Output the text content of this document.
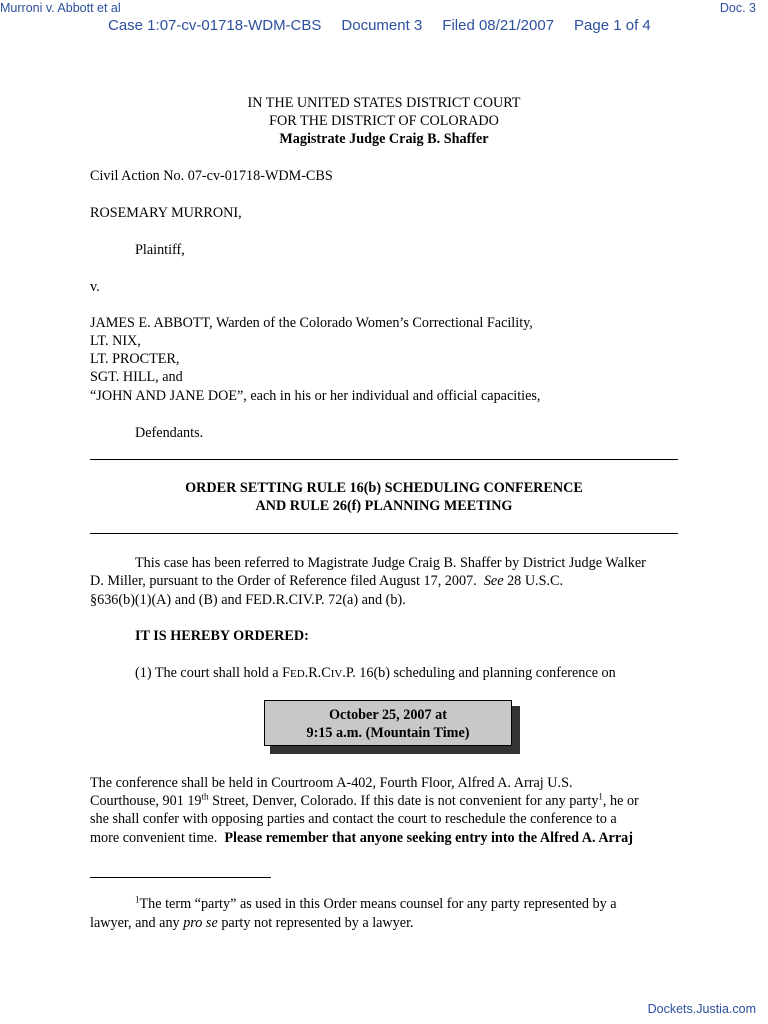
Murroni v. Abbott et al	Doc. 3
Case 1:07-cv-01718-WDM-CBS Document 3 Filed 08/21/2007 Page 1 of 4
IN THE UNITED STATES DISTRICT COURT
FOR THE DISTRICT OF COLORADO
Magistrate Judge Craig B. Shaffer
Civil Action No. 07-cv-01718-WDM-CBS
ROSEMARY MURRONI,
Plaintiff,
v.
JAMES E. ABBOTT, Warden of the Colorado Women’s Correctional Facility,
LT. NIX,
LT. PROCTER,
SGT. HILL, and
“JOHN AND JANE DOE”, each in his or her individual and official capacities,
Defendants.
ORDER SETTING RULE 16(b) SCHEDULING CONFERENCE
AND RULE 26(f) PLANNING MEETING
This case has been referred to Magistrate Judge Craig B. Shaffer by District Judge Walker
D. Miller, pursuant to the Order of Reference filed August 17, 2007. See 28 U.S.C.
§636(b)(1)(A) and (B) and FED.R.CIV.P. 72(a) and (b).
IT IS HEREBY ORDERED:
(1) The court shall hold a FED.R.CIV.P. 16(b) scheduling and planning conference on
October 25, 2007 at
9:15 a.m. (Mountain Time)
The conference shall be held in Courtroom A-402, Fourth Floor, Alfred A. Arraj U.S.
Courthouse, 901 19th Street, Denver, Colorado. If this date is not convenient for any party$^1$, he or
she shall confer with opposing parties and contact the court to reschedule the conference to a
more convenient time.  Please remember that anyone seeking entry into the Alfred A. Arraj
$^1$The term “party” as used in this Order means counsel for any party represented by a
lawyer, and any pro se party not represented by a lawyer.
Dockets.Justia.com
